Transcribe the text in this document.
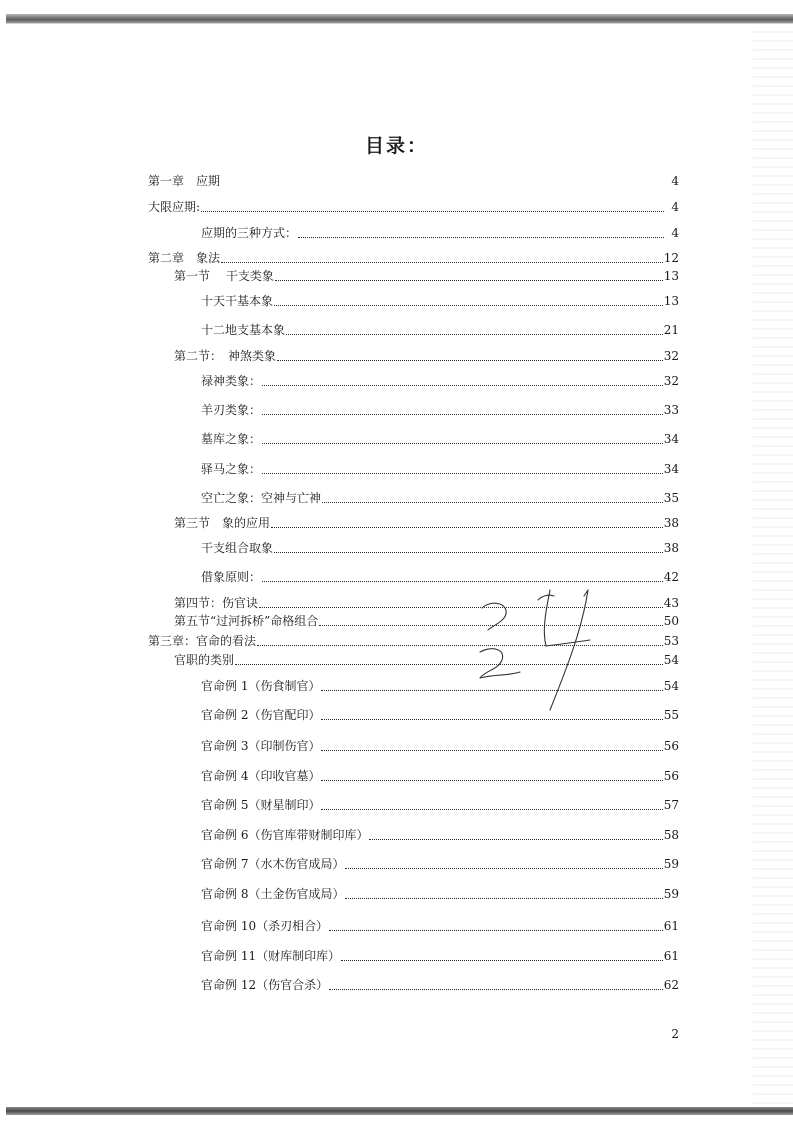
目录：
第一章　应期	4
大限应期:	4
应期的三种方式：	4
第二章　象法	12
第一节　 干支类象	13
十天干基本象	13
十二地支基本象	21
第二节：　神煞类象	32
禄神类象：	32
羊刃类象：	33
墓库之象：	34
驿马之象：	34
空亡之象：空神与亡神	35
第三节　象的应用	38
干支组合取象	38
借象原则：	42
第四节：伤官诀	43
第五节“过河拆桥”命格组合	50
第三章：官命的看法	53
官职的类别	54
官命例 1（伤食制官）	54
官命例 2（伤官配印）	55
官命例 3（印制伤官）	56
官命例 4（印收官墓）	56
官命例 5（财星制印）	57
官命例 6（伤官库带财制印库）	58
官命例 7（水木伤官成局）	59
官命例 8（土金伤官成局）	59
官命例 10（杀刃相合）	61
官命例 11（财库制印库）	61
官命例 12（伤官合杀）	62
2
